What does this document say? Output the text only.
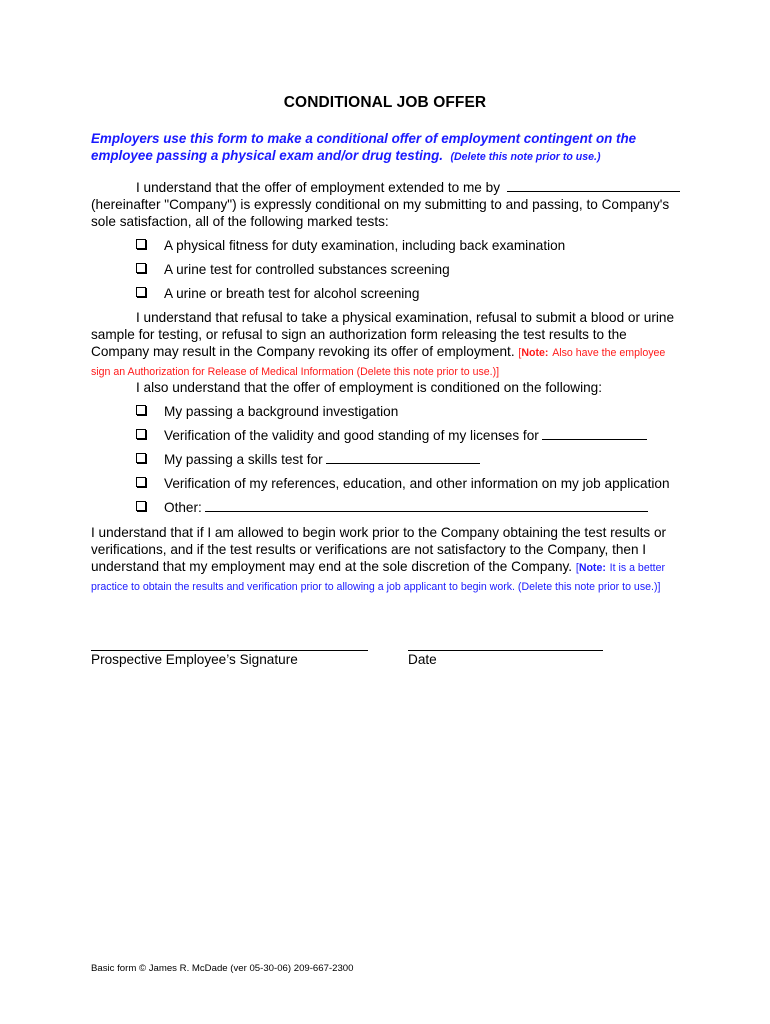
CONDITIONAL JOB OFFER
Employers use this form to make a conditional offer of employment contingent on the employee passing a physical exam and/or drug testing. (Delete this note prior to use.)
I understand that the offer of employment extended to me by  (hereinafter "Company") is expressly conditional on my submitting to and passing, to Company's sole satisfaction, all of the following marked tests:
A physical fitness for duty examination, including back examination
A urine test for controlled substances screening
A urine or breath test for alcohol screening
I understand that refusal to take a physical examination, refusal to submit a blood or urine sample for testing, or refusal to sign an authorization form releasing the test results to the Company may result in the Company revoking its offer of employment. [Note: Also have the employee sign an Authorization for Release of Medical Information (Delete this note prior to use.)]
I also understand that the offer of employment is conditioned on the following:
My passing a background investigation
Verification of the validity and good standing of my licenses for
My passing a skills test for
Verification of my references, education, and other information on my job application
Other:
I understand that if I am allowed to begin work prior to the Company obtaining the test results or verifications, and if the test results or verifications are not satisfactory to the Company, then I understand that my employment may end at the sole discretion of the Company. [Note: It is a better practice to obtain the results and verification prior to allowing a job applicant to begin work. (Delete this note prior to use.)]
Prospective Employee’s Signature	Date
Basic form © James R. McDade (ver 05-30-06) 209-667-2300
